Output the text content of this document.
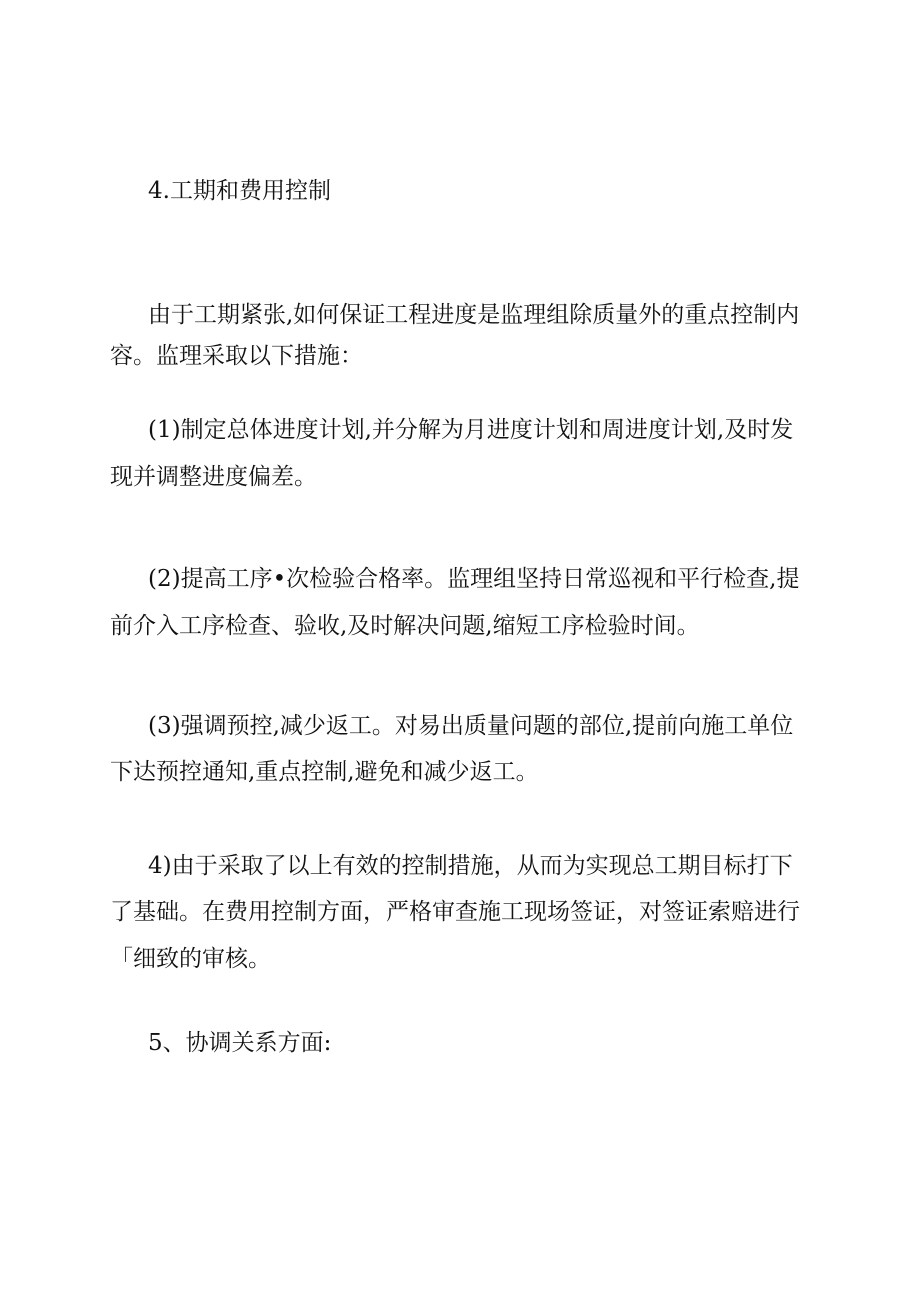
4.工期和费用控制
由于工期紧张,如何保证工程进度是监理组除质量外的重点控制内
容。监理采取以下措施：
(1)制定总体进度计划,并分解为月进度计划和周进度计划,及时发
现并调整进度偏差。
(2)提高工序•次检验合格率。监理组坚持日常巡视和平行检查,提
前介入工序检查、验收,及时解决问题,缩短工序检验时间。
(3)强调预控,减少返工。对易出质量问题的部位,提前向施工单位
下达预控通知,重点控制,避免和减少返工。
4)由于采取了以上有效的控制措施，从而为实现总工期目标打下
了基础。在费用控制方面，严格审查施工现场签证，对签证索赔进行
「细致的审核。
5、协调关系方面:
